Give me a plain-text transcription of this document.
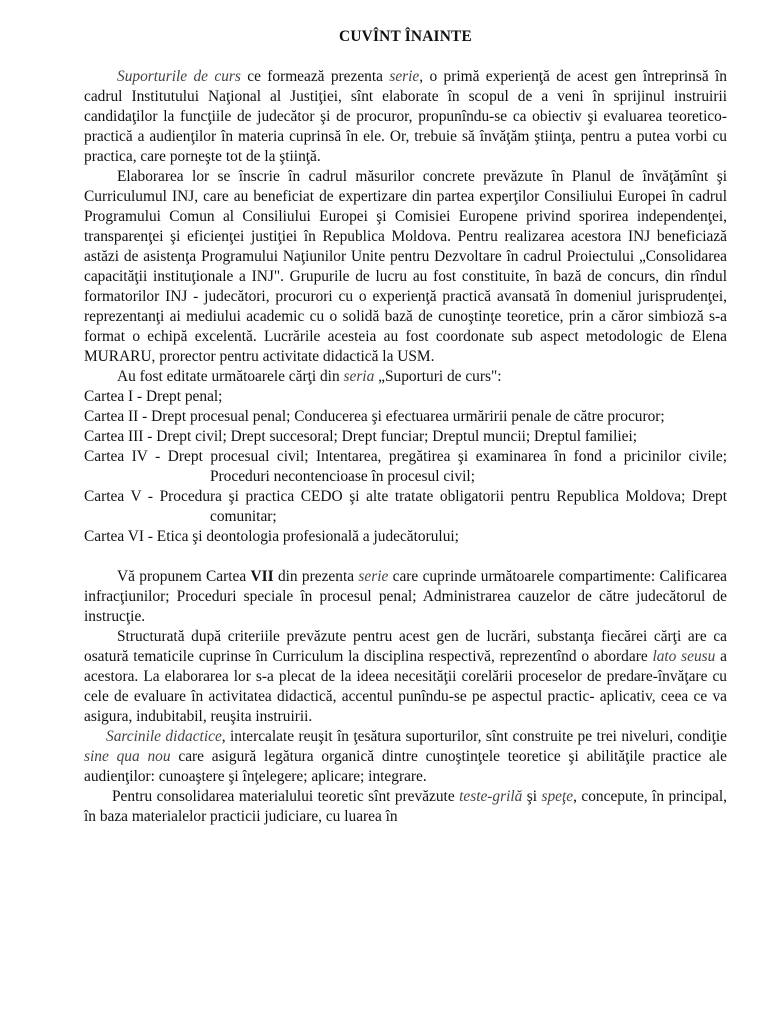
CUVÎNT ÎNAINTE

Suporturile de curs ce formează prezenta serie, o primă experienţă de acest gen întreprinsă în cadrul Institutului Naţional al Justiţiei, sînt elaborate în scopul de a veni în sprijinul instruirii candidaţilor la funcţiile de judecător şi de procuror, propunîndu-se ca obiectiv şi evaluarea teoretico-practică a audienţilor în materia cuprinsă în ele. Or, trebuie să învăţăm ştiinţa, pentru a putea vorbi cu practica, care porneşte tot de la ştiinţă.

Elaborarea lor se înscrie în cadrul măsurilor concrete prevăzute în Planul de învăţămînt şi Curriculumul INJ, care au beneficiat de expertizare din partea experţilor Consiliului Europei în cadrul Programului Comun al Consiliului Europei şi Comisiei Europene privind sporirea independenţei, transparenţei şi eficienţei justiţiei în Republica Moldova. Pentru realizarea acestora INJ beneficiază astăzi de asistenţa Programului Naţiunilor Unite pentru Dezvoltare în cadrul Proiectului „Consolidarea capacităţii instituţionale a INJ". Grupurile de lucru au fost constituite, în bază de concurs, din rîndul formatorilor INJ - judecători, procurori cu o experienţă practică avansată în domeniul jurisprudenţei, reprezentanţi ai mediului academic cu o solidă bază de cunoştinţe teoretice, prin a căror simbioză s-a format o echipă excelentă. Lucrările acesteia au fost coordonate sub aspect metodologic de Elena MURARU, prorector pentru activitate didactică la USM.

Au fost editate următoarele cărţi din seria „Suporturi de curs":

Cartea I - Drept penal;
Cartea II - Drept procesual penal; Conducerea şi efectuarea urmăririi penale de către procuror;
Cartea III - Drept civil; Drept succesoral; Drept funciar; Dreptul muncii; Dreptul familiei;
Cartea IV - Drept procesual civil; Intentarea, pregătirea şi examinarea în fond a pricinilor civile; Proceduri necontencioase în procesul civil;
Cartea V - Procedura şi practica CEDO şi alte tratate obligatorii pentru Republica Moldova; Drept comunitar;
Cartea VI - Etica şi deontologia profesională a judecătorului;

Vă propunem Cartea VII din prezenta serie care cuprinde următoarele compartimente: Calificarea infracţiunilor; Proceduri speciale în procesul penal; Administrarea cauzelor de către judecătorul de instrucţie.

Structurată după criteriile prevăzute pentru acest gen de lucrări, substanţa fiecărei cărţi are ca osatură tematicile cuprinse în Curriculum la disciplina respectivă, reprezentînd o abordare lato seusu a acestora. La elaborarea lor s-a plecat de la ideea necesităţii corelării proceselor de predare-învăţare cu cele de evaluare în activitatea didactică, accentul punîndu-se pe aspectul practic- aplicativ, ceea ce va asigura, indubitabil, reuşita instruirii.

Sarcinile didactice, intercalate reuşit în ţesătura suporturilor, sînt construite pe trei niveluri, condiţie sine qua nou care asigură legătura organică dintre cunoştinţele teoretice şi abilităţile practice ale audienţilor: cunoaştere şi înţelegere; aplicare; integrare.

Pentru consolidarea materialului teoretic sînt prevăzute teste-grilă şi speţe, concepute, în principal, în baza materialelor practicii judiciare, cu luarea în
